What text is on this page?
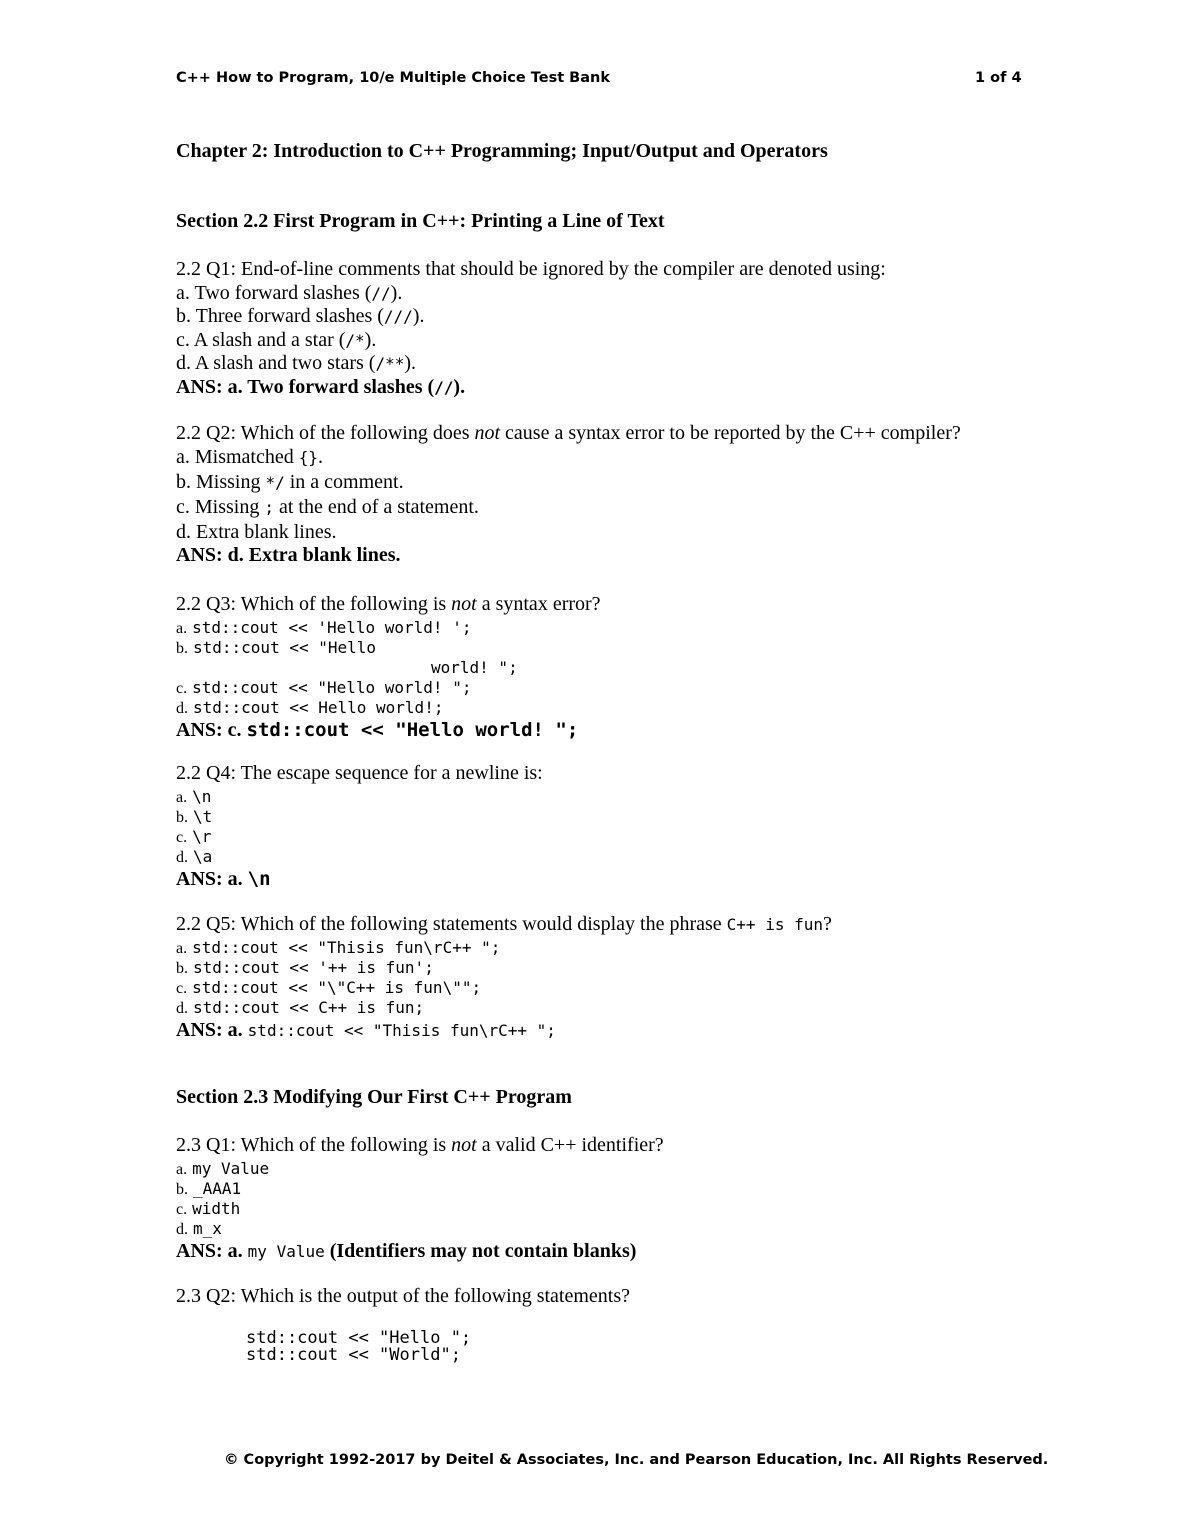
C++ How to Program, 10/e Multiple Choice Test Bank	1 of 4
Chapter 2: Introduction to C++ Programming; Input/Output and Operators
Section 2.2 First Program in C++: Printing a Line of Text
2.2 Q1: End-of-line comments that should be ignored by the compiler are denoted using:
a. Two forward slashes (//).
b. Three forward slashes (///).
c. A slash and a star (/*).
d. A slash and two stars (/**).
ANS: a. Two forward slashes (//).
2.2 Q2: Which of the following does not cause a syntax error to be reported by the C++ compiler?
a. Mismatched {}.
b. Missing */ in a comment.
c. Missing ; at the end of a statement.
d. Extra blank lines.
ANS: d. Extra blank lines.
2.2 Q3: Which of the following is not a syntax error?
a. std::cout << 'Hello world! ';
b. std::cout << "Hello
world! ";
c. std::cout << "Hello world! ";
d. std::cout << Hello world!;
ANS: c. std::cout << "Hello world! ";
2.2 Q4: The escape sequence for a newline is:
a. \n
b. \t
c. \r
d. \a
ANS: a. \n
2.2 Q5: Which of the following statements would display the phrase C++ is fun?
a. std::cout << "Thisis fun\rC++ ";
b. std::cout << '++ is fun';
c. std::cout << "\"C++ is fun\"";
d. std::cout << C++ is fun;
ANS: a. std::cout << "Thisis fun\rC++ ";
Section 2.3 Modifying Our First C++ Program
2.3 Q1: Which of the following is not a valid C++ identifier?
a. my Value
b. _AAA1
c. width
d. m_x
ANS: a. my Value (Identifiers may not contain blanks)
2.3 Q2: Which is the output of the following statements?
std::cout << "Hello ";
std::cout << "World";
© Copyright 1992-2017 by Deitel & Associates, Inc. and Pearson Education, Inc. All Rights Reserved.
